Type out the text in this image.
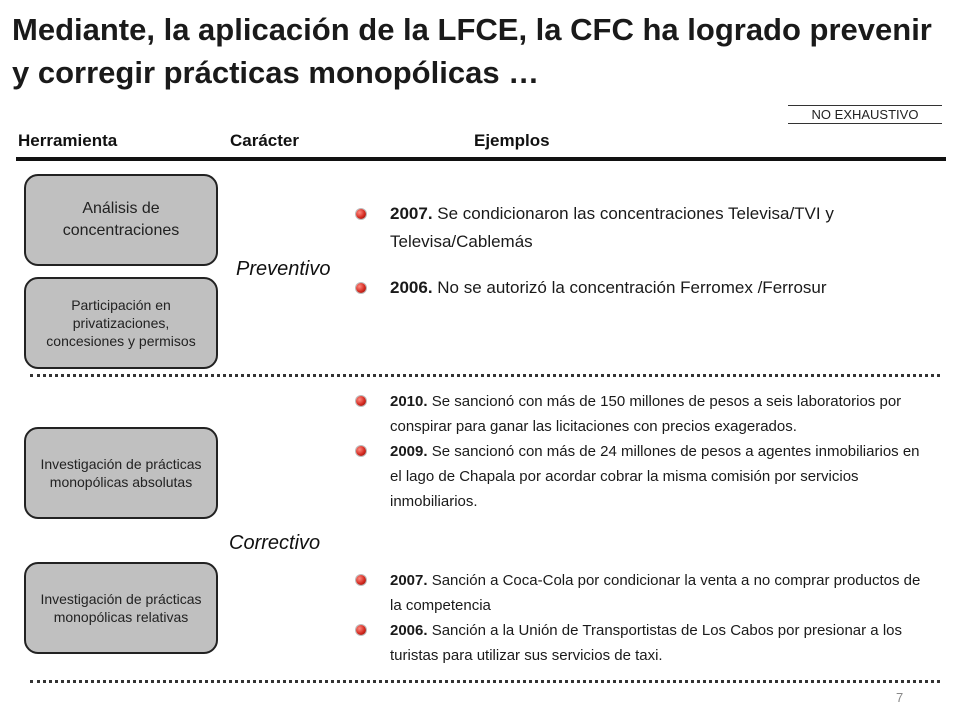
Mediante, la aplicación de la LFCE, la CFC ha logrado prevenir y corregir prácticas monopólicas …
NO EXHAUSTIVO
Herramienta	Carácter	Ejemplos
Análisis de concentraciones
Participación en privatizaciones, concesiones y permisos
Investigación de prácticas monopólicas absolutas
Investigación de prácticas monopólicas relativas
Preventivo
Correctivo
2007. Se condicionaron las concentraciones Televisa/TVI y Televisa/Cablemás
2006. No se autorizó la concentración Ferromex /Ferrosur
2010. Se sancionó con más de 150 millones de pesos a seis laboratorios por conspirar para ganar las licitaciones con precios exagerados.
2009. Se sancionó con más de 24 millones de pesos a agentes inmobiliarios en el lago de Chapala por acordar cobrar la misma comisión por servicios inmobiliarios.
2007. Sanción a Coca-Cola por condicionar la venta a no comprar productos de la competencia
2006. Sanción a la Unión de Transportistas de Los Cabos por presionar a los turistas para utilizar sus servicios de taxi.
7
